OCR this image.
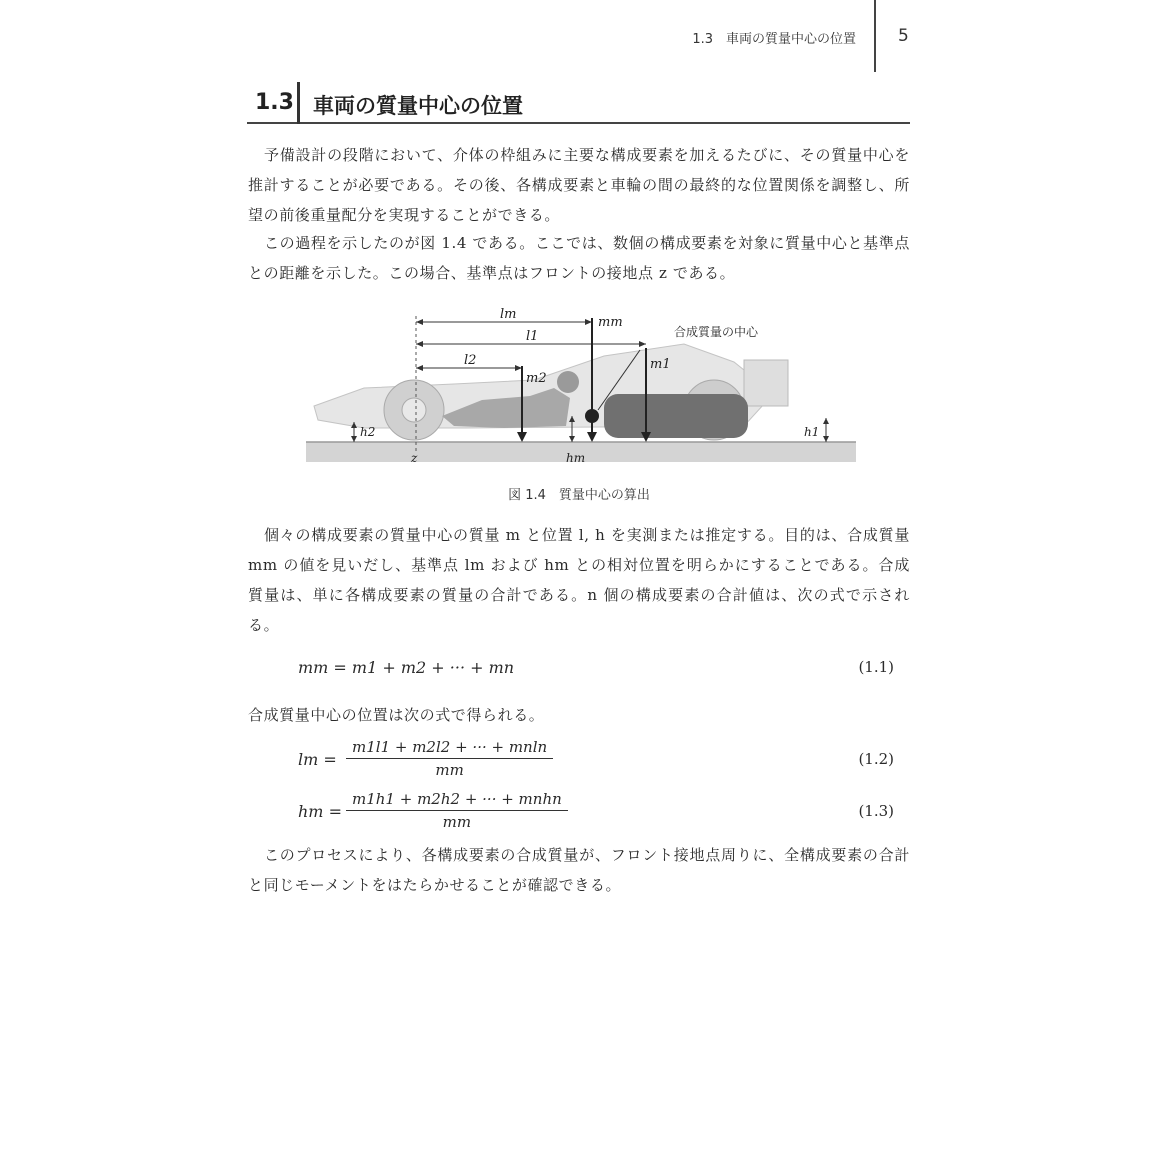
1.3　車両の質量中心の位置 5
1.3 車両の質量中心の位置

予備設計の段階において、介体の枠組みに主要な構成要素を加えるたびに、その質量中心を推計することが必要である。その後、各構成要素と車輪の間の最終的な位置関係を調整し、所望の前後重量配分を実現することができる。

この過程を示したのが図 1.4 である。ここでは、数個の構成要素を対象に質量中心と基準点との距離を示した。この場合、基準点はフロントの接地点 z である。

lm
l1
l2
mm
m1
m2
合成質量の中心
h2
hm
h1
z
図 1.4　質量中心の算出

個々の構成要素の質量中心の質量 m と位置 l, h を実測または推定する。目的は、合成質量 mm の値を見いだし、基準点 lm および hm との相対位置を明らかにすることである。合成質量は、単に各構成要素の質量の合計である。n 個の構成要素の合計値は、次の式で示される。

mm = m1 + m2 + ··· + mn	(1.1)

合成質量中心の位置は次の式で得られる。

lm = $\frac{m1l1 + m2l2 + \cdot\cdot\cdot + mnln}{mm}$	(1.2)
hm =
m1h1 + m2h2 + ··· + mnhn
mm
(1.3)

このプロセスにより、各構成要素の合成質量が、フロント接地点周りに、全構成要素の合計と同じモーメントをはたらかせることが確認できる。
